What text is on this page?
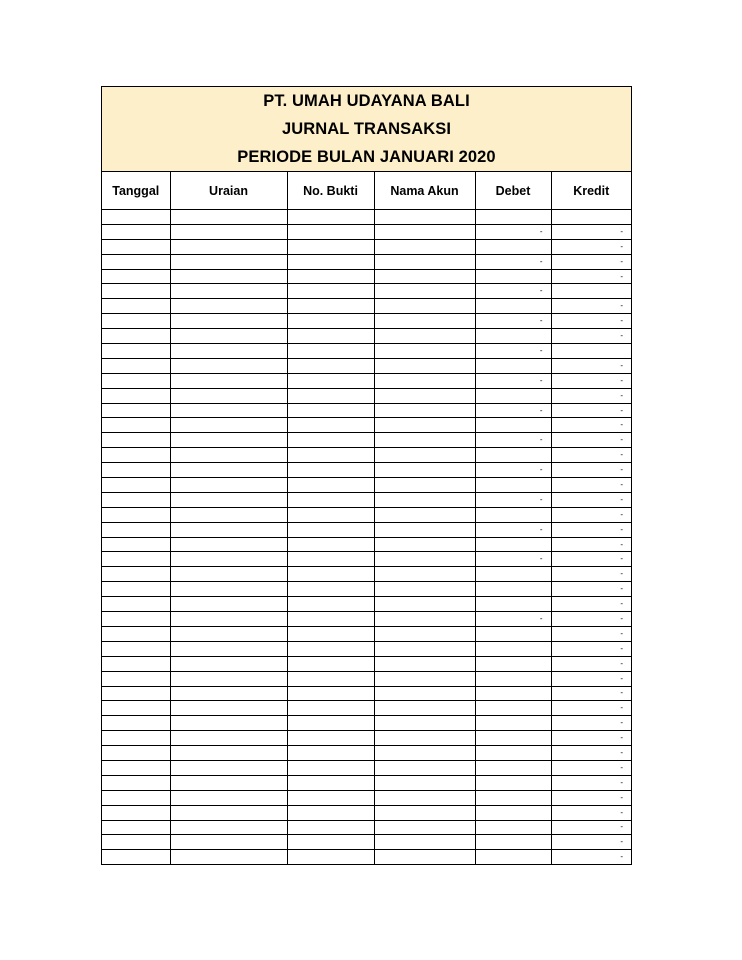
PT. UMAH UDAYANA BALI
JURNAL TRANSAKSI
PERIODE BULAN JANUARI 2020
Tanggal	Uraian	No. Bukti	Nama Akun	Debet	Kredit

				-	-
					-
				-	-
					-
				-	
					-
				-	-
					-
				-	
					-
				-	-
					-
				-	-
					-
				-	-
					-
				-	-
					-
				-	-
					-
				-	-
					-
				-	-
					-
					-
					-
				-	-
					-
					-
					-
					-
					-
					-
					-
					-
					-
					-
					-
					-
					-
					-
					-
					-
